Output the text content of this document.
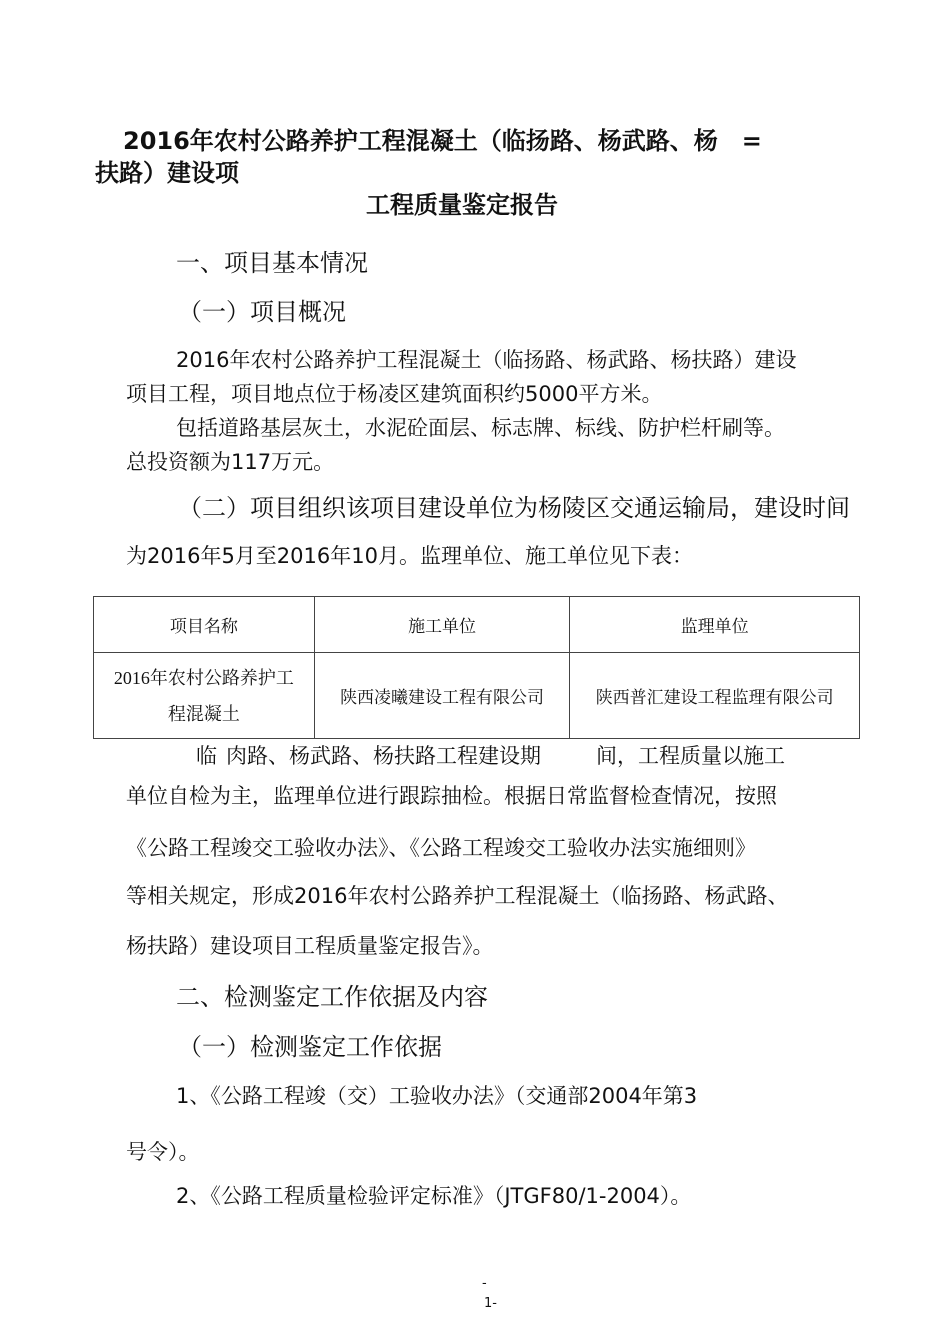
2016年农村公路养护工程混凝土（临扬路、杨武路、杨　=
扶路）建设项
工程质量鉴定报告
一、项目基本情况
（一）项目概况
2016年农村公路养护工程混凝土（临扬路、杨武路、杨扶路）建设
项目工程，项目地点位于杨凌区建筑面积约5000平方米。
包括道路基层灰土，水泥砼面层、标志牌、标线、防护栏杆刷等。
总投资额为117万元。
（二）项目组织该项目建设单位为杨陵区交通运输局，建设时间
为2016年5月至2016年10月。监理单位、施工单位见下表：
项目名称	施工单位	监理单位

2016年农村公路养护工
程混凝土	陕西凌曦建设工程有限公司	陕西普汇建设工程监理有限公司
临 肉路、杨武路、杨扶路工程建设期	间，工程质量以施工
单位自检为主，监理单位进行跟踪抽检。根据日常监督检查情况，按照
《公路工程竣交工验收办法》、《公路工程竣交工验收办法实施细则》
等相关规定，形成2016年农村公路养护工程混凝土（临扬路、杨武路、
杨扶路）建设项目工程质量鉴定报告》。
二、检测鉴定工作依据及内容
（一）检测鉴定工作依据
1、《公路工程竣（交）工验收办法》（交通部2004年第3
号令）。
2、《公路工程质量检验评定标准》（JTGF80/1-2004）。
-
1-
